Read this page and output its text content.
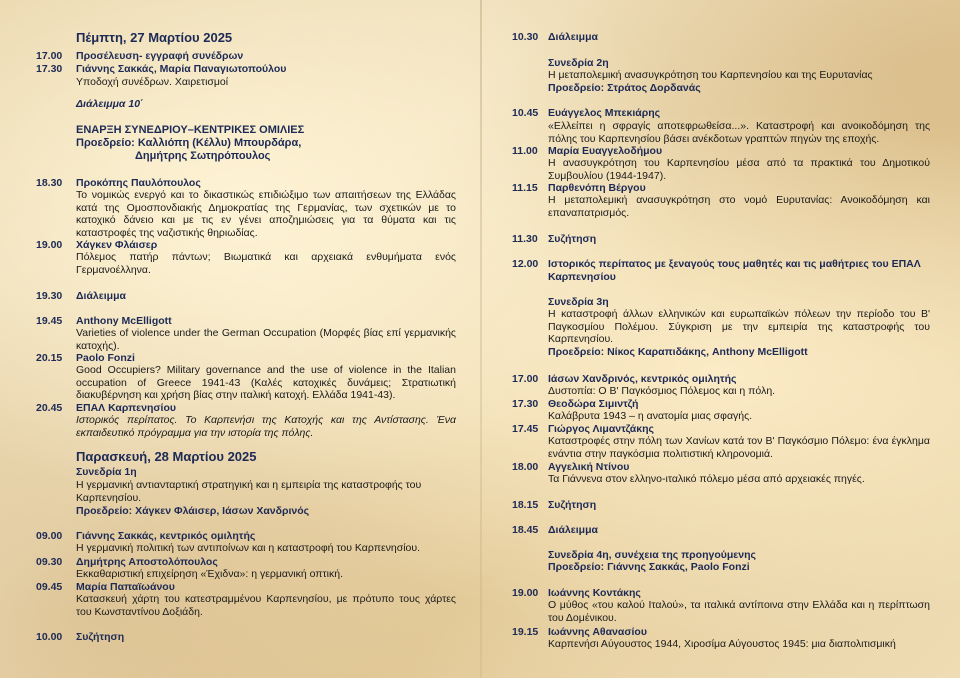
Πέμπτη, 27 Μαρτίου 2025
17.00 Προσέλευση- εγγραφή συνέδρων
17.30 Γιάννης Σακκάς, Μαρία Παναγιωτοπούλου
Υποδοχή συνέδρων. Χαιρετισμοί
Διάλειμμα 10΄
ΕΝΑΡΞΗ ΣΥΝΕΔΡΙΟΥ–ΚΕΝΤΡΙΚΕΣ ΟΜΙΛΙΕΣ
Προεδρείο: Καλλιόπη (Κέλλυ) Μπουρδάρα,
Δημήτρης Σωτηρόπουλος
18.30 Προκόπης Παυλόπουλος
Το νομικώς ενεργό και το δικαστικώς επιδιώξιμο των απαιτήσεων της Ελλάδας κατά της Ομοσπονδιακής Δημοκρατίας της Γερμανίας, των σχετικών με το κατοχικό δάνειο και με τις εν γένει αποζημιώσεις για τα θύματα και τις καταστροφές της ναζιστικής θηριωδίας.
19.00 Χάγκεν Φλάισερ
Πόλεμος πατήρ πάντων; Βιωματικά και αρχειακά ενθυμήματα ενός Γερμανοέλληνα.
19.30 Διάλειμμα
19.45 Anthony McElligott
Varieties of violence under the German Occupation (Μορφές βίας επί γερμανικής κατοχής).
20.15 Paolo Fonzi
Good Occupiers? Military governance and the use of violence in the Italian occupation of Greece 1941-43 (Καλές κατοχικές δυνάμεις; Στρατιωτική διακυβέρνηση και χρήση βίας στην ιταλική κατοχή. Ελλάδα 1941-43).
20.45 ΕΠΑΛ Καρπενησίου
Ιστορικός περίπατος. Το Καρπενήσι της Κατοχής και της Αντίστασης. Ένα εκπαιδευτικό πρόγραμμα για την ιστορία της πόλης.
Παρασκευή, 28 Μαρτίου 2025
Συνεδρία 1η
Η γερμανική αντιανταρτική στρατηγική και η εμπειρία της καταστροφής του Καρπενησίου.
Προεδρείο: Χάγκεν Φλάισερ, Ιάσων Χανδρινός
09.00 Γιάννης Σακκάς, κεντρικός ομιλητής
Η γερμανική πολιτική των αντιποίνων και η καταστροφή του Καρπενησίου.
09.30 Δημήτρης Αποστολόπουλος
Εκκαθαριστική επιχείρηση «Έχιδνα»: η γερμανική οπτική.
09.45 Μαρία Παπαϊωάνου
Κατασκευή χάρτη του κατεστραμμένου Καρπενησίου, με πρότυπο τους χάρτες του Κωνσταντίνου Δοξιάδη.
10.00 Συζήτηση
10.30 Διάλειμμα
Συνεδρία 2η
Η μεταπολεμική ανασυγκρότηση του Καρπενησίου και της Ευρυτανίας
Προεδρείο: Στράτος Δορδανάς
10.45 Ευάγγελος Μπεκιάρης
«Ελλείπει η σφραγίς αποτεφρωθείσα...». Καταστροφή και ανοικοδόμηση της πόλης του Καρπενησίου βάσει ανέκδοτων γραπτών πηγών της εποχής.
11.00 Μαρία Ευαγγελοδήμου
Η ανασυγκρότηση του Καρπενησίου μέσα από τα πρακτικά του Δημοτικού Συμβουλίου (1944-1947).
11.15 Παρθενόπη Βέργου
Η μεταπολεμική ανασυγκρότηση στο νομό Ευρυτανίας: Ανοικοδόμηση και επαναπατρισμός.
11.30 Συζήτηση
12.00 Ιστορικός περίπατος με ξεναγούς τους μαθητές και τις μαθήτριες του ΕΠΑΛ Καρπενησίου
Συνεδρία 3η
Η καταστροφή άλλων ελληνικών και ευρωπαϊκών πόλεων την περίοδο του Β' Παγκοσμίου Πολέμου. Σύγκριση με την εμπειρία της καταστροφής του Καρπενησίου.
Προεδρείο: Νίκος Καραπιδάκης, Anthony McElligott
17.00 Ιάσων Χανδρινός, κεντρικός ομιλητής
Δυστοπία: Ο Β' Παγκόσμιος Πόλεμος και η πόλη.
17.30 Θεοδώρα Σιμιντζή
Καλάβρυτα 1943 – η ανατομία μιας σφαγής.
17.45 Γιώργος Λιμαντζάκης
Καταστροφές στην πόλη των Χανίων κατά τον Β' Παγκόσμιο Πόλεμο: ένα έγκλημα ενάντια στην παγκόσμια πολιτιστική κληρονομιά.
18.00 Αγγελική Ντίνου
Τα Γιάννενα στον ελληνο-ιταλικό πόλεμο μέσα από αρχειακές πηγές.
18.15 Συζήτηση
18.45 Διάλειμμα
Συνεδρία 4η, συνέχεια της προηγούμενης
Προεδρείο: Γιάννης Σακκάς, Paolo Fonzi
19.00 Ιωάννης Κοντάκης
Ο μύθος «του καλού Ιταλού», τα ιταλικά αντίποινα στην Ελλάδα και η περίπτωση του Δομένικου.
19.15 Ιωάννης Αθανασίου
Καρπενήσι Αύγουστος 1944, Χιροσίμα Αύγουστος 1945: μια διαπολιτισμική
